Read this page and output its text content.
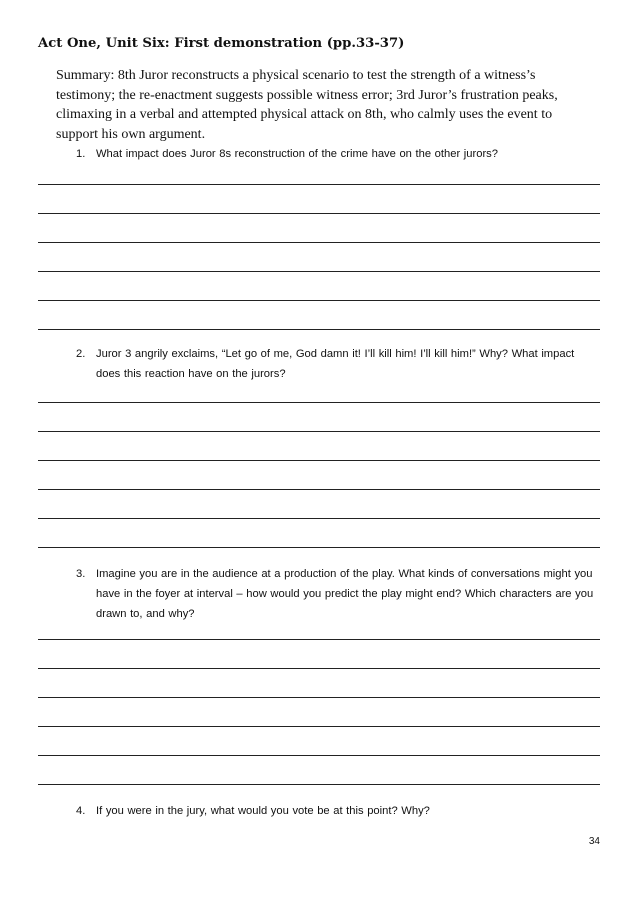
Act One, Unit Six: First demonstration (pp.33-37)
Summary: 8th Juror reconstructs a physical scenario to test the strength of a witness’s testimony; the re-enactment suggests possible witness error; 3rd Juror’s frustration peaks, climaxing in a verbal and attempted physical attack on 8th, who calmly uses the event to support his own argument.
1. What impact does Juror 8s reconstruction of the crime have on the other jurors?
2. Juror 3 angrily exclaims, “Let go of me, God damn it! I’ll kill him! I’ll kill him!” Why? What impact does this reaction have on the jurors?
3. Imagine you are in the audience at a production of the play. What kinds of conversations might you have in the foyer at interval – how would you predict the play might end? Which characters are you drawn to, and why?
4. If you were in the jury, what would you vote be at this point? Why?
34
